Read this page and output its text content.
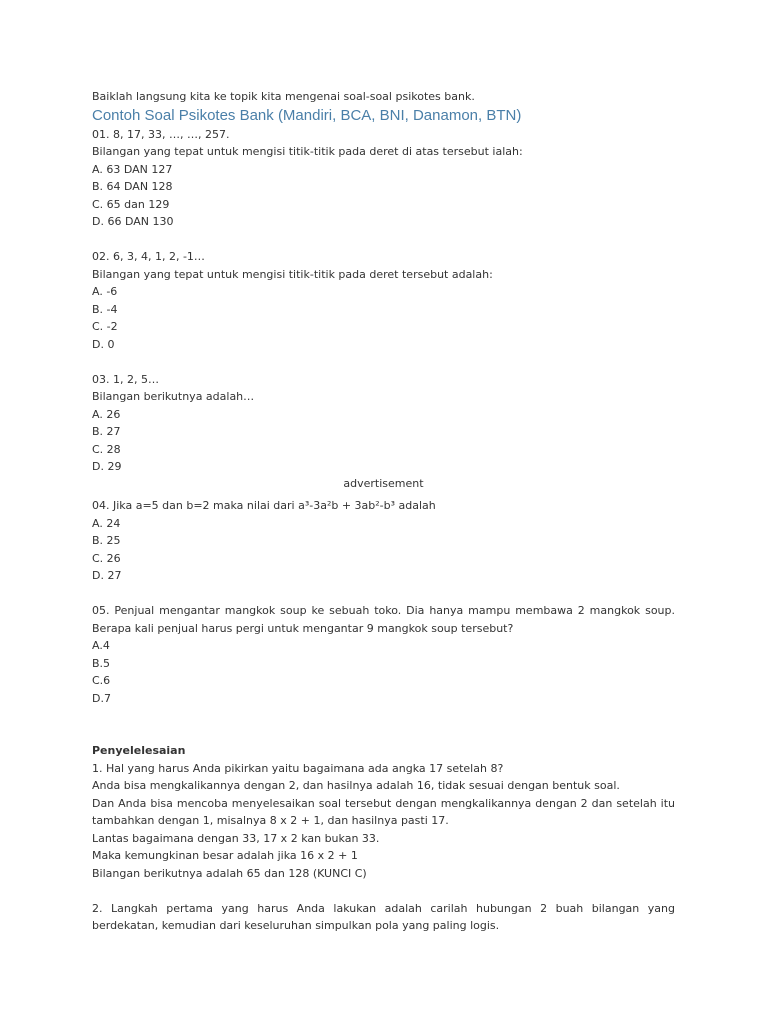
Baiklah langsung kita ke topik kita mengenai soal-soal psikotes bank.
Contoh Soal Psikotes Bank (Mandiri, BCA, BNI, Danamon, BTN)
01. 8, 17, 33, …, …, 257.
Bilangan yang tepat untuk mengisi titik-titik pada deret di atas tersebut ialah:
A. 63 DAN 127
B. 64 DAN 128
C. 65 dan 129
D. 66 DAN 130
02. 6, 3, 4, 1, 2, -1…
Bilangan yang tepat untuk mengisi titik-titik pada deret tersebut adalah:
A. -6
B. -4
C. -2
D. 0
03. 1, 2, 5…
Bilangan berikutnya adalah…
A. 26
B. 27
C. 28
D. 29
advertisement
04. Jika a=5 dan b=2 maka nilai dari a³-3a²b + 3ab²-b³ adalah
A. 24
B. 25
C. 26
D. 27
05. Penjual mengantar mangkok soup ke sebuah toko. Dia hanya mampu membawa 2 mangkok soup. Berapa kali penjual harus pergi untuk mengantar 9 mangkok soup tersebut?
A.4
B.5
C.6
D.7
Penyelelesaian
1. Hal yang harus Anda pikirkan yaitu bagaimana ada angka 17 setelah 8?
Anda bisa mengkalikannya dengan 2, dan hasilnya adalah 16, tidak sesuai dengan bentuk soal.
Dan Anda bisa mencoba menyelesaikan soal tersebut dengan mengkalikannya dengan 2 dan setelah itu tambahkan dengan 1, misalnya 8 x 2 + 1, dan hasilnya pasti 17.
Lantas bagaimana dengan 33, 17 x 2 kan bukan 33.
Maka kemungkinan besar adalah jika 16 x 2 + 1
Bilangan berikutnya adalah 65 dan 128 (KUNCI C)
2. Langkah pertama yang harus Anda lakukan adalah carilah hubungan 2 buah bilangan yang berdekatan, kemudian dari keseluruhan simpulkan pola yang paling logis.
